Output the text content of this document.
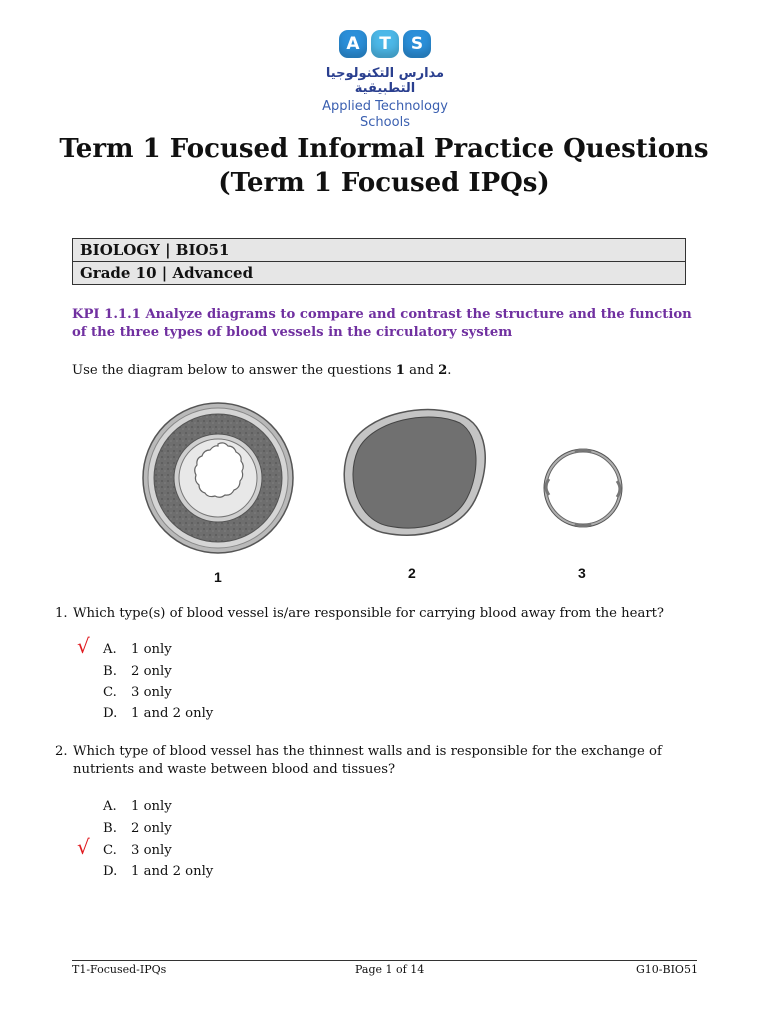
A	T	S
مدارس التكنولوجيا التطبيقية
Applied Technology Schools
Term 1 Focused Informal Practice Questions
(Term 1 Focused IPQs)
BIOLOGY | BIO51
Grade 10 | Advanced
KPI 1.1.1 Analyze diagrams to compare and contrast the structure and the function of the three types of blood vessels in the circulatory system
Use the diagram below to answer the questions 1 and 2.
1	2	3
1. Which type(s) of blood vessel is/are responsible for carrying blood away from the heart?
√ A.	1 only
B.	2 only
C.	3 only
D.	1 and 2 only
2. Which type of blood vessel has the thinnest walls and is responsible for the exchange of nutrients and waste between blood and tissues?
A.	1 only
B.	2 only
√ C.	3 only
D.	1 and 2 only
T1-Focused-IPQs	Page 1 of 14	G10-BIO51
